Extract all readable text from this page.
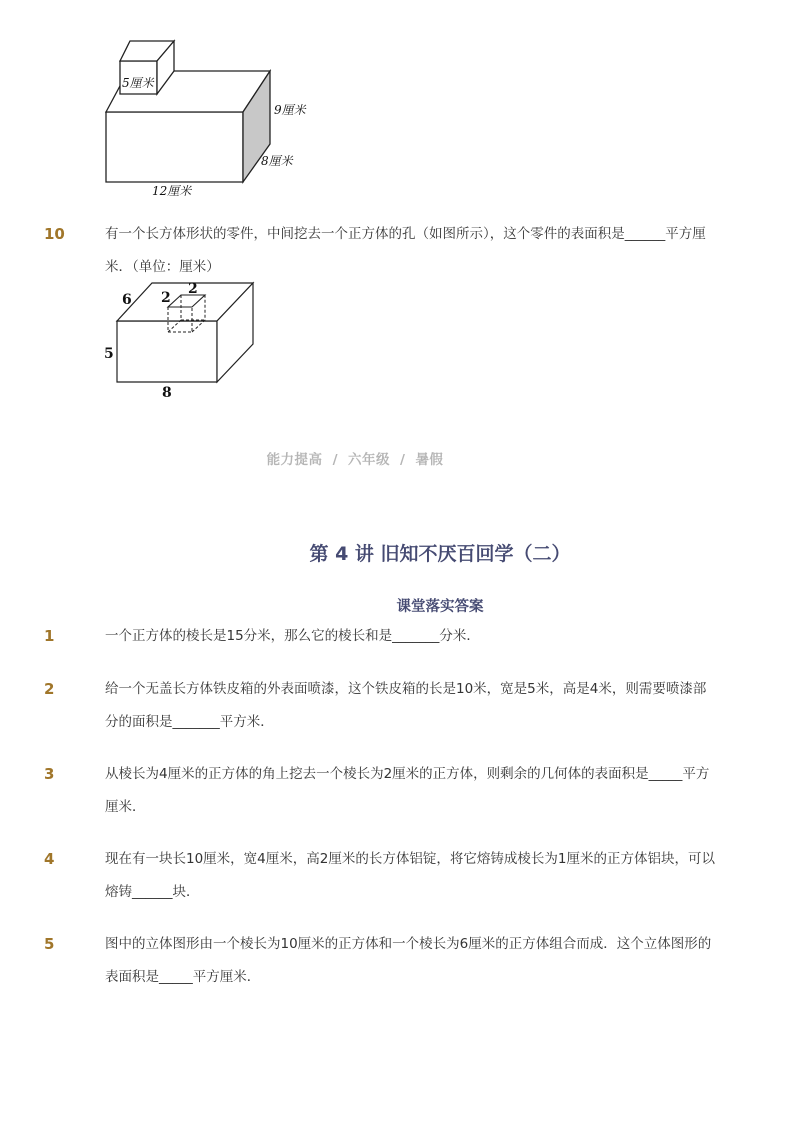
5厘米
9厘米
8厘米
12厘米
10	有一个长方体形状的零件，中间挖去一个正方体的孔（如图所示），这个零件的表面积是______平方厘米．（单位：厘米）
6 2
2
5
8
能力提高 / 六年级 / 暑假
第 4 讲 旧知不厌百回学（二）
课堂落实答案
1	一个正方体的棱长是15分米，那么它的棱长和是_______分米．
2	给一个无盖长方体铁皮箱的外表面喷漆，这个铁皮箱的长是10米，宽是5米，高是4米，则需要喷漆部分的面积是_______平方米．
3	从棱长为4厘米的正方体的角上挖去一个棱长为2厘米的正方体，则剩余的几何体的表面积是_____平方厘米．
4	现在有一块长10厘米，宽4厘米，高2厘米的长方体铝锭，将它熔铸成棱长为1厘米的正方体铝块，可以熔铸______块．
5	图中的立体图形由一个棱长为10厘米的正方体和一个棱长为6厘米的正方体组合而成．这个立体图形的表面积是_____平方厘米．
